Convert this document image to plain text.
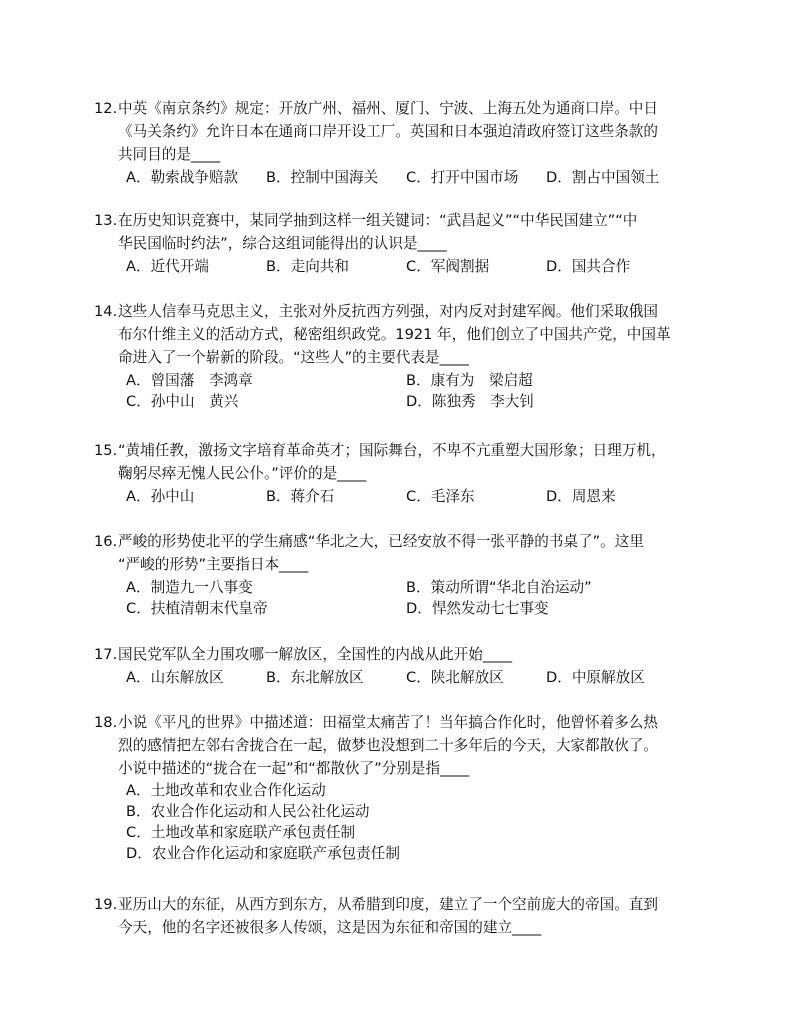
12.中英《南京条约》规定：开放广州、福州、厦门、宁波、上海五处为通商口岸。中日
《马关条约》允许日本在通商口岸开设工厂。英国和日本强迫清政府签订这些条款的
共同目的是____
A．勒索战争赔款 B．控制中国海关 C．打开中国市场 D．割占中国领土
13.在历史知识竞赛中，某同学抽到这样一组关键词：“武昌起义”“中华民国建立”“中
华民国临时约法”，综合这组词能得出的认识是____
A．近代开端	B．走向共和	C．军阀割据	D．国共合作
14.这些人信奉马克思主义，主张对外反抗西方列强，对内反对封建军阀。他们采取俄国
布尔什维主义的活动方式，秘密组织政党。1921 年，他们创立了中国共产党，中国革
命进入了一个崭新的阶段。“这些人”的主要代表是____
A．曾国藩　李鸿章	B．康有为　梁启超
C．孙中山　黄兴	D．陈独秀　李大钊
15.“黄埔任教，激扬文字培育革命英才；国际舞台，不卑不亢重塑大国形象；日理万机，
鞠躬尽瘁无愧人民公仆。”评价的是____
A．孙中山	B．蒋介石	C．毛泽东	D．周恩来
16.严峻的形势使北平的学生痛感“华北之大，已经安放不得一张平静的书桌了”。这里
“严峻的形势”主要指日本____
A．制造九一八事变	B．策动所谓“华北自治运动”
C．扶植清朝末代皇帝	D．悍然发动七七事变
17.国民党军队全力围攻哪一解放区，全国性的内战从此开始____
A．山东解放区	B．东北解放区	C．陕北解放区	D．中原解放区
18.小说《平凡的世界》中描述道：田福堂太痛苦了！当年搞合作化时，他曾怀着多么热
烈的感情把左邻右舍拢合在一起，做梦也没想到二十多年后的今天，大家都散伙了。
小说中描述的“拢合在一起”和“都散伙了”分别是指____
A．土地改革和农业合作化运动
B．农业合作化运动和人民公社化运动
C．土地改革和家庭联产承包责任制
D．农业合作化运动和家庭联产承包责任制
19.亚历山大的东征，从西方到东方，从希腊到印度，建立了一个空前庞大的帝国。直到
今天，他的名字还被很多人传颂，这是因为东征和帝国的建立____
